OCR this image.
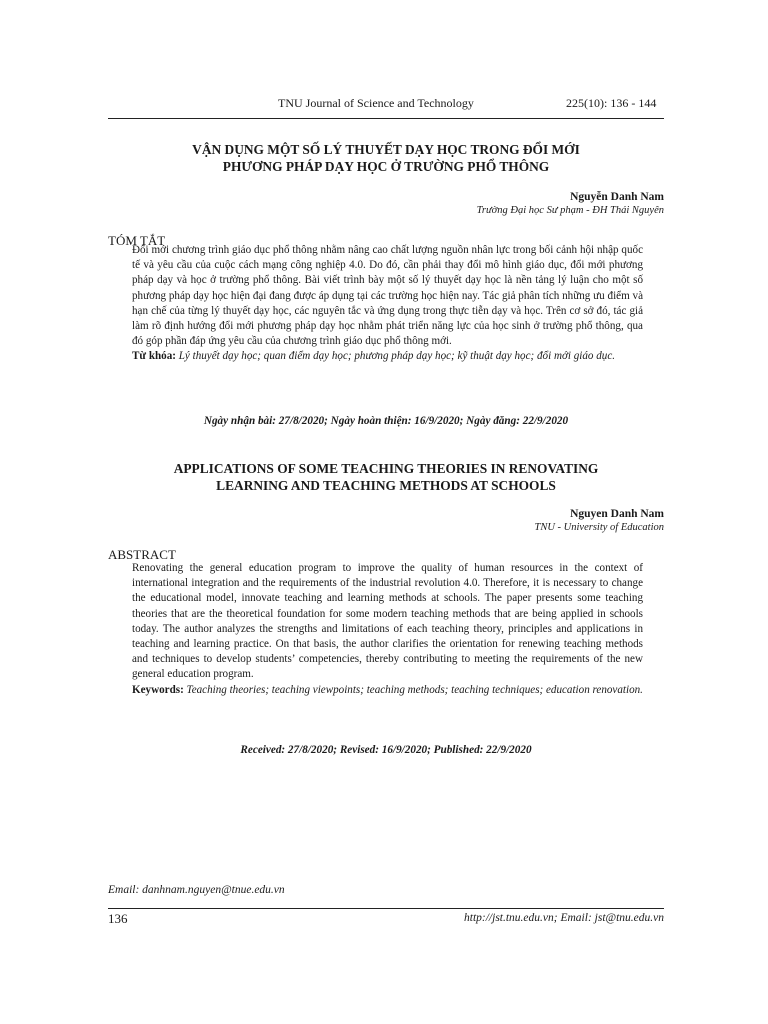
TNU Journal of Science and Technology	225(10): 136 - 144
VẬN DỤNG MỘT SỐ LÝ THUYẾT DẠY HỌC TRONG ĐỔI MỚI
PHƯƠNG PHÁP DẠY HỌC Ở TRƯỜNG PHỔ THÔNG
Nguyễn Danh Nam
Trường Đại học Sư phạm - ĐH Thái Nguyên
TÓM TẮT

Đổi mới chương trình giáo dục phổ thông nhằm nâng cao chất lượng nguồn nhân lực trong bối cảnh hội nhập quốc tế và yêu cầu của cuộc cách mạng công nghiệp 4.0. Do đó, cần phải thay đổi mô hình giáo dục, đổi mới phương pháp dạy và học ở trường phổ thông. Bài viết trình bày một số lý thuyết dạy học là nền tảng lý luận cho một số phương pháp dạy học hiện đại đang được áp dụng tại các trường học hiện nay. Tác giả phân tích những ưu điểm và hạn chế của từng lý thuyết dạy học, các nguyên tắc và ứng dụng trong thực tiễn dạy và học. Trên cơ sở đó, tác giả làm rõ định hướng đổi mới phương pháp dạy học nhằm phát triển năng lực của học sinh ở trường phổ thông, qua đó góp phần đáp ứng yêu cầu của chương trình giáo dục phổ thông mới.

Từ khóa: Lý thuyết dạy học; quan điểm dạy học; phương pháp dạy học; kỹ thuật dạy học; đổi mới giáo dục.

Ngày nhận bài: 27/8/2020; Ngày hoàn thiện: 16/9/2020; Ngày đăng: 22/9/2020
APPLICATIONS OF SOME TEACHING THEORIES IN RENOVATING
LEARNING AND TEACHING METHODS AT SCHOOLS
Nguyen Danh Nam
TNU - University of Education
ABSTRACT

Renovating the general education program to improve the quality of human resources in the context of international integration and the requirements of the industrial revolution 4.0. Therefore, it is necessary to change the educational model, innovate teaching and learning methods at schools. The paper presents some teaching theories that are the theoretical foundation for some modern teaching methods that are being applied in schools today. The author analyzes the strengths and limitations of each teaching theory, principles and applications in teaching and learning practice. On that basis, the author clarifies the orientation for renewing teaching methods and techniques to develop students’ competencies, thereby contributing to meeting the requirements of the new general education program.

Keywords: Teaching theories; teaching viewpoints; teaching methods; teaching techniques; education renovation.

Received: 27/8/2020; Revised: 16/9/2020; Published: 22/9/2020
Email: danhnam.nguyen@tnue.edu.vn
136	http://jst.tnu.edu.vn; Email: jst@tnu.edu.vn
